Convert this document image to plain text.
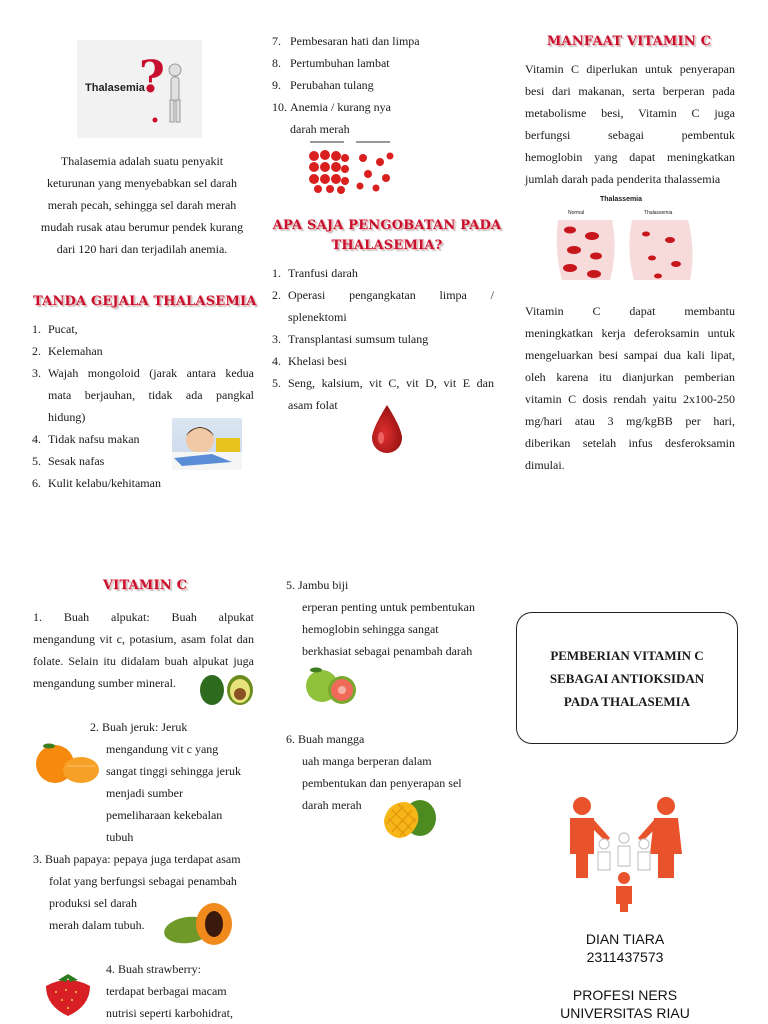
?
Thalasemia
Thalasemia adalah suatu penyakit
keturunan yang menyebabkan sel darah
merah pecah, sehingga sel darah merah
mudah rusak atau berumur pendek kurang
dari 120 hari dan terjadilah anemia.
TANDA GEJALA THALASEMIA
1. Pucat,
2. Kelemahan
3. Wajah mongoloid (jarak antara kedua
mata berjauhan, tidak ada pangkal
hidung)
4. Tidak nafsu makan
5. Sesak nafas
6. Kulit kelabu/kehitaman
7. Pembesaran hati dan limpa
8. Pertumbuhan lambat
9. Perubahan tulang
10. Anemia / kurang nya
darah merah
APA SAJA PENGOBATAN PADA
THALASEMIA?
1. Tranfusi darah
2. Operasi pengangkatan limpa /
splenektomi
3. Transplantasi sumsum tulang
4. Khelasi besi
5. Seng, kalsium, vit C, vit D, vit E dan
asam folat
MANFAAT VITAMIN C
Vitamin C diperlukan untuk penyerapan
besi dari makanan, serta berperan pada
metabolisme besi, Vitamin C juga
berfungsi sebagai pembentuk
hemoglobin yang dapat meningkatkan
jumlah darah pada penderita thalassemia
Thalassemia
Normal	Thalassemia
Vitamin C dapat membantu
meningkatkan kerja deferoksamin untuk
mengeluarkan besi sampai dua kali lipat,
oleh karena itu dianjurkan pemberian
vitamin C dosis rendah yaitu 2x100-250
mg/hari atau 3 mg/kgBB per hari,
diberikan setelah infus desferoksamin
dimulai.
VITAMIN C
1. Buah alpukat: Buah alpukat
mengandung vit c, potasium, asam folat dan
folate. Selain itu didalam buah alpukat juga
mengandung sumber mineral.
2. Buah jeruk: Jeruk
mengandung vit c yang
sangat tinggi sehingga jeruk
menjadi sumber
pemeliharaan kekebalan
tubuh
3. Buah papaya: pepaya juga terdapat asam
folat yang berfungsi sebagai penambah
produksi sel darah
merah dalam tubuh.
4. Buah strawberry:
terdapat berbagai macam
nutrisi seperti karbohidrat,
5. Jambu biji
erperan penting untuk pembentukan
hemoglobin sehingga sangat
berkhasiat sebagai penambah darah
6. Buah mangga
uah manga berperan dalam
pembentukan dan penyerapan sel
darah merah
PEMBERIAN VITAMIN C
SEBAGAI ANTIOKSIDAN
PADA THALASEMIA
DIAN TIARA
2311437573
PROFESI NERS
UNIVERSITAS RIAU
